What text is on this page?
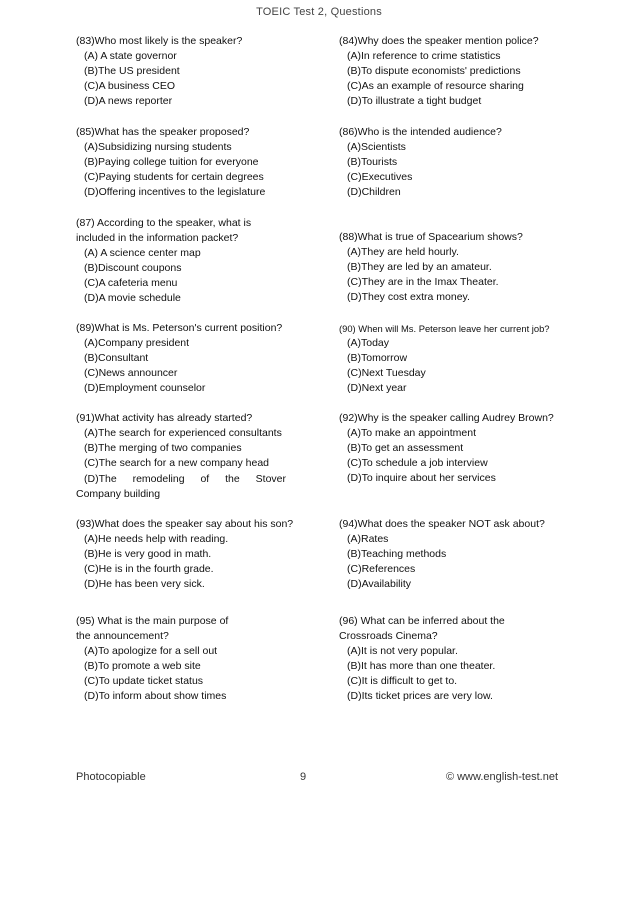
TOEIC Test 2, Questions
(83)Who most likely is the speaker?
(A) A state governor
(B)The US president
(C)A business CEO
(D)A news reporter
(84)Why does the speaker mention police?
(A)In reference to crime statistics
(B)To dispute economists' predictions
(C)As an example of resource sharing
(D)To illustrate a tight budget
(85)What has the speaker proposed?
(A)Subsidizing nursing students
(B)Paying college tuition for everyone
(C)Paying students for certain degrees
(D)Offering incentives to the legislature
(86)Who is the intended audience?
(A)Scientists
(B)Tourists
(C)Executives
(D)Children
(87) According to the speaker, what is
included in the information packet?
(A) A science center map
(B)Discount coupons
(C)A cafeteria menu
(D)A movie schedule
(88)What is true of Spacearium shows?
(A)They are held hourly.
(B)They are led by an amateur.
(C)They are in the Imax Theater.
(D)They cost extra money.
(89)What is Ms. Peterson's current position?
(A)Company president
(B)Consultant
(C)News announcer
(D)Employment counselor
(90) When will Ms. Peterson leave her current job?
(A)Today
(B)Tomorrow
(C)Next Tuesday
(D)Next year
(91)What activity has already started?
(A)The search for experienced consultants
(B)The merging of two companies
(C)The search for a new company head
(D)The remodeling of the Stover
Company building
(92)Why is the speaker calling Audrey Brown?
(A)To make an appointment
(B)To get an assessment
(C)To schedule a job interview
(D)To inquire about her services
(93)What does the speaker say about his son?
(A)He needs help with reading.
(B)He is very good in math.
(C)He is in the fourth grade.
(D)He has been very sick.
(94)What does the speaker NOT ask about?
(A)Rates
(B)Teaching methods
(C)References
(D)Availability
(95) What is the main purpose of
the announcement?
(A)To apologize for a sell out
(B)To promote a web site
(C)To update ticket status
(D)To inform about show times
(96) What can be inferred about the
Crossroads Cinema?
(A)It is not very popular.
(B)It has more than one theater.
(C)It is difficult to get to.
(D)Its ticket prices are very low.
Photocopiable	9	© www.english-test.net
